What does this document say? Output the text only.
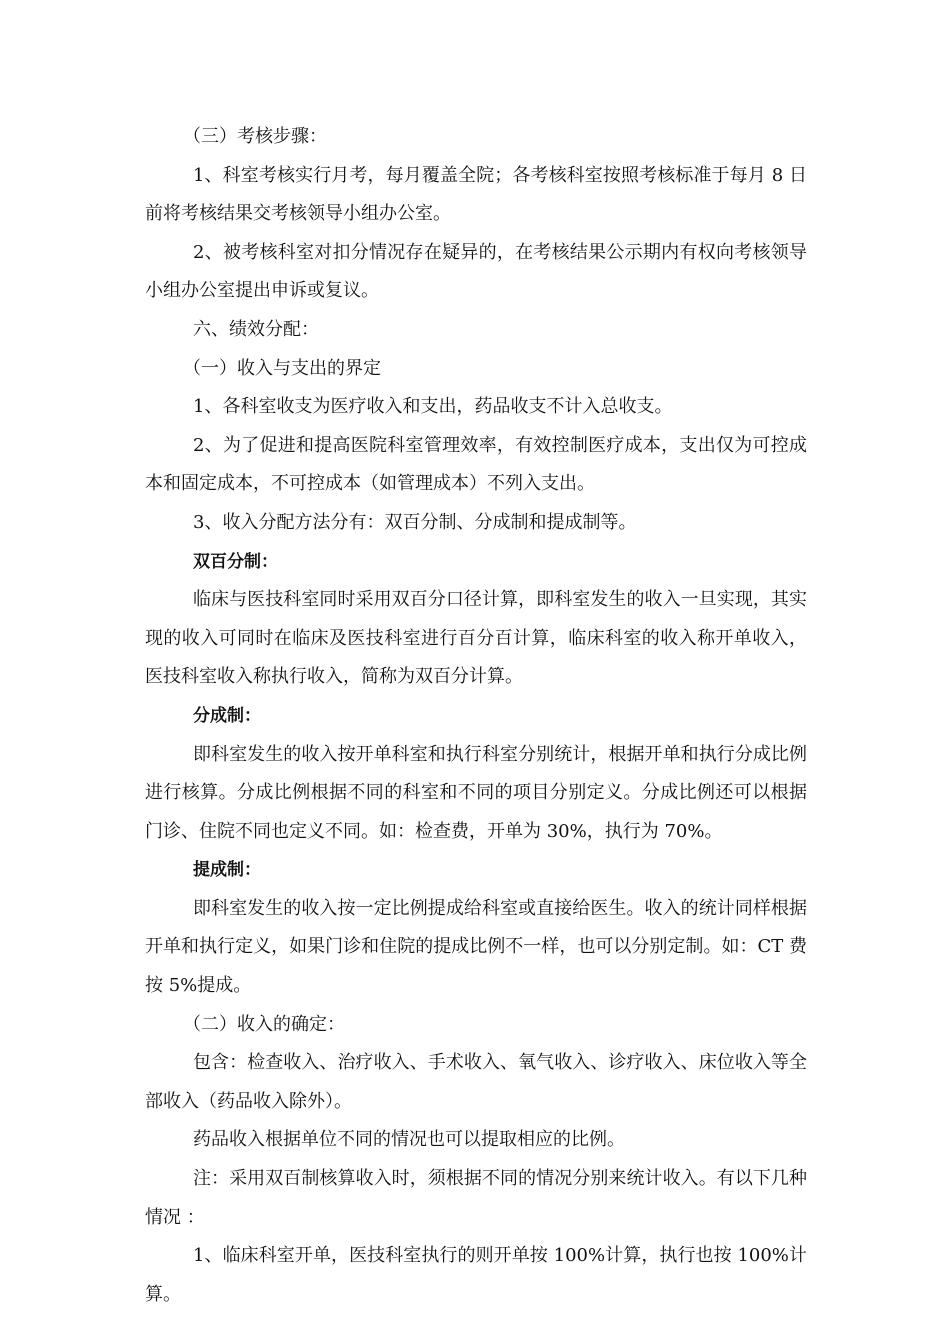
（三）考核步骤：

1、科室考核实行月考，每月覆盖全院；各考核科室按照考核标准于每月 8 日前将考核结果交考核领导小组办公室。

2、被考核科室对扣分情况存在疑异的，在考核结果公示期内有权向考核领导小组办公室提出申诉或复议。

六、绩效分配：

（一）收入与支出的界定

1、各科室收支为医疗收入和支出，药品收支不计入总收支。

2、为了促进和提高医院科室管理效率，有效控制医疗成本，支出仅为可控成本和固定成本，不可控成本（如管理成本）不列入支出。

3、收入分配方法分有：双百分制、分成制和提成制等。

双百分制：

临床与医技科室同时采用双百分口径计算，即科室发生的收入一旦实现，其实现的收入可同时在临床及医技科室进行百分百计算，临床科室的收入称开单收入，医技科室收入称执行收入，简称为双百分计算。

分成制：

即科室发生的收入按开单科室和执行科室分别统计，根据开单和执行分成比例进行核算。分成比例根据不同的科室和不同的项目分别定义。分成比例还可以根据门诊、住院不同也定义不同。如：检查费，开单为 30%，执行为 70%。

提成制：

即科室发生的收入按一定比例提成给科室或直接给医生。收入的统计同样根据开单和执行定义，如果门诊和住院的提成比例不一样，也可以分别定制。如：CT 费按 5%提成。

（二）收入的确定：

包含：检查收入、治疗收入、手术收入、氧气收入、诊疗收入、床位收入等全部收入（药品收入除外）。

药品收入根据单位不同的情况也可以提取相应的比例。

注：采用双百制核算收入时，须根据不同的情况分别来统计收入。有以下几种情况 ：

1、临床科室开单，医技科室执行的则开单按 100%计算，执行也按 100%计算。
